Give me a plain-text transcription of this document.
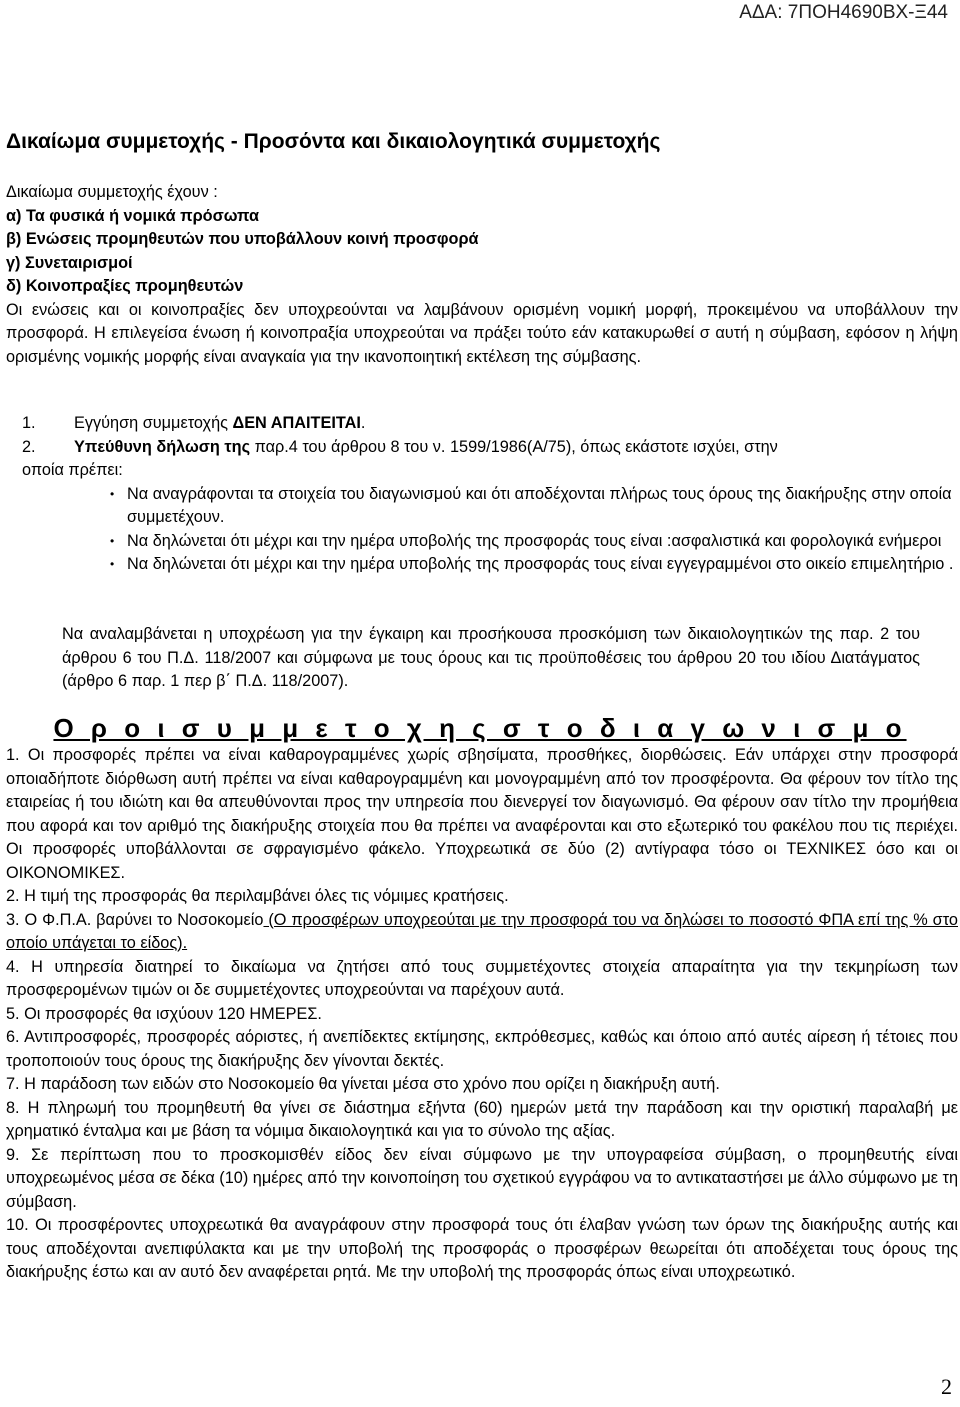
ΑΔΑ: 7ΠΟΗ4690ΒΧ-Ξ44
Δικαίωμα συμμετοχής - Προσόντα και δικαιολογητικά συμμετοχής

Δικαίωμα συμμετοχής έχουν :

α) Τα φυσικά ή νομικά πρόσωπα

β) Ενώσεις προμηθευτών που υποβάλλουν κοινή προσφορά

γ) Συνεταιρισμοί

δ) Κοινοπραξίες προμηθευτών

Οι ενώσεις και οι κοινοπραξίες δεν υποχρεούνται να λαμβάνουν ορισμένη νομική μορφή, προκειμένου να υποβάλλουν την προσφορά. Η επιλεγείσα ένωση ή κοινοπραξία υποχρεούται να πράξει τούτο εάν κατακυρωθεί σ αυτή η σύμβαση, εφόσον η λήψη ορισμένης νομικής μορφής είναι αναγκαία για την ικανοποιητική εκτέλεση της σύμβασης.

1.	Εγγύηση συμμετοχής ΔΕΝ ΑΠΑΙΤΕΙΤΑΙ.
2.	Υπεύθυνη δήλωση της παρ.4 του άρθρου 8 του ν. 1599/1986(Α/75), όπως εκάστοτε ισχύει, στην

οποία πρέπει:

• Να αναγράφονται τα στοιχεία του διαγωνισμού και ότι αποδέχονται πλήρως τους όρους της διακήρυξης στην οποία συμμετέχουν.
• Να δηλώνεται ότι μέχρι και την ημέρα υποβολής της προσφοράς τους είναι :ασφαλιστικά και φορολογικά ενήμεροι
• Να δηλώνεται ότι μέχρι και την ημέρα υποβολής της προσφοράς τους είναι εγγεγραμμένοι στο οικείο επιμελητήριο .

Να αναλαμβάνεται η υποχρέωση για την έγκαιρη και προσήκουσα προσκόμιση των δικαιολογητικών της παρ. 2 του άρθρου 6 του Π.Δ. 118/2007 και σύμφωνα με τους όρους και τις προϋποθέσεις του άρθρου 20 του ιδίου Διατάγματος (άρθρο 6 παρ. 1 περ β΄ Π.Δ. 118/2007).

Ο ρ ο ι σ υ μ μ ε τ ο χ η ς σ τ ο δ ι α γ ω ν ι σ μ ο

1. Οι προσφορές πρέπει να είναι καθαρογραμμένες χωρίς σβησίματα, προσθήκες, διορθώσεις. Εάν υπάρχει στην προσφορά οποιαδήποτε διόρθωση αυτή πρέπει να είναι καθαρογραμμένη και μονογραμμένη από τον προσφέροντα. Θα φέρουν τον τίτλο της εταιρείας ή του ιδιώτη και θα απευθύνονται προς την υπηρεσία που διενεργεί τον διαγωνισμό. Θα φέρουν σαν τίτλο την προμήθεια που αφορά και τον αριθμό της διακήρυξης στοιχεία που θα πρέπει να αναφέρονται και στο εξωτερικό του φακέλου που τις περιέχει. Οι προσφορές υποβάλλονται σε σφραγισμένο φάκελο. Υποχρεωτικά σε δύο (2) αντίγραφα τόσο οι ΤΕΧΝΙΚΕΣ όσο και οι ΟΙΚΟΝΟΜΙΚΕΣ.

2. Η τιμή της προσφοράς θα περιλαμβάνει όλες τις νόμιμες κρατήσεις.

3. Ο Φ.Π.Α. βαρύνει το Νοσοκομείο (Ο προσφέρων υποχρεούται με την προσφορά του να δηλώσει το ποσοστό ΦΠΑ επί της % στο οποίο υπάγεται το είδος).

4. Η υπηρεσία διατηρεί το δικαίωμα να ζητήσει από τους συμμετέχοντες στοιχεία απαραίτητα για την τεκμηρίωση των προσφερομένων τιμών οι δε συμμετέχοντες υποχρεούνται να παρέχουν αυτά.

5. Οι προσφορές θα ισχύουν 120 ΗΜΕΡΕΣ.

6. Αντιπροσφορές, προσφορές αόριστες, ή ανεπίδεκτες εκτίμησης, εκπρόθεσμες, καθώς και όποιο από αυτές αίρεση ή τέτοιες που τροποποιούν τους όρους της διακήρυξης δεν γίνονται δεκτές.

7. Η παράδοση των ειδών στο Νοσοκομείο θα γίνεται μέσα στο χρόνο που ορίζει η διακήρυξη αυτή.

8. Η πληρωμή του προμηθευτή θα γίνει σε διάστημα εξήντα (60) ημερών μετά την παράδοση και την οριστική παραλαβή με χρηματικό ένταλμα και με βάση τα νόμιμα δικαιολογητικά και για το σύνολο της αξίας.

9. Σε περίπτωση που το προσκομισθέν είδος δεν είναι σύμφωνο με την υπογραφείσα σύμβαση, ο προμηθευτής είναι υποχρεωμένος μέσα σε δέκα (10) ημέρες από την κοινοποίηση του σχετικού εγγράφου να το αντικαταστήσει με άλλο σύμφωνο με τη σύμβαση.

10. Οι προσφέροντες υποχρεωτικά θα αναγράφουν στην προσφορά τους ότι έλαβαν γνώση των όρων της διακήρυξης αυτής και τους αποδέχονται ανεπιφύλακτα και με την υποβολή της προσφοράς ο προσφέρων θεωρείται ότι αποδέχεται τους όρους της διακήρυξης έστω και αν αυτό δεν αναφέρεται ρητά. Με την υποβολή της προσφοράς όπως είναι υποχρεωτικό.

2
